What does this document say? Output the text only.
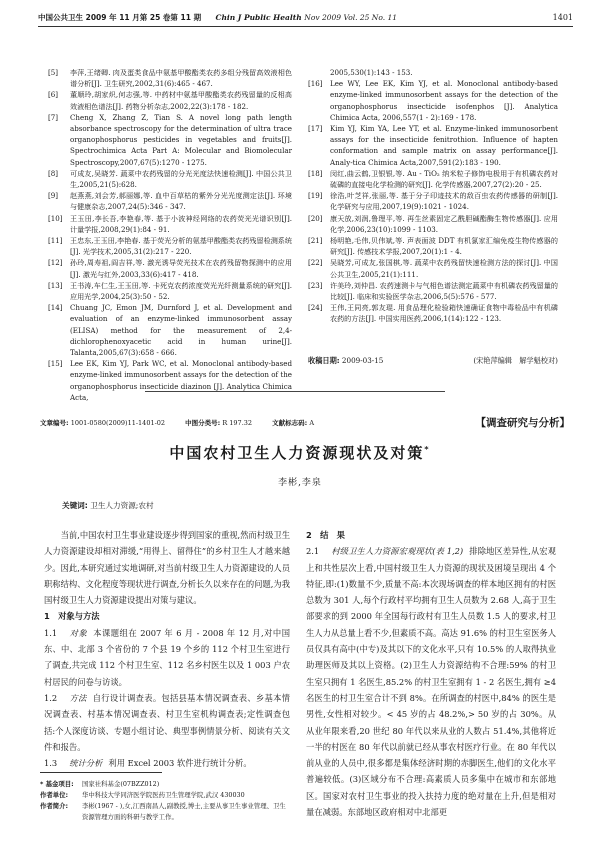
中国公共卫生 2009 年 11 月第 25 卷第 11 期 Chin J Public Health Nov 2009 Vol. 25 No. 11	1401

[5] 李萍,王绪卿. 肉及蛋类食品中氨基甲酸酯类农药多组分残留高效液相色谱分析[J]. 卫生研究,2002,31(6):465 - 467.

[6] 董顺玲,胡家炽,何志强,等. 中药材中氨基甲酸酯类农药残留量的反相高效液相色谱法[J]. 药物分析杂志,2002,22(3):178 - 182.

[7] Cheng X, Zhang Z, Tian S. A novel long path length absorbance spectroscopy for the determination of ultra trace organophosphorus pesticides in vegetables and fruits[J]. Spectrochimica Acta Part A: Molecular and Biomolecular Spectroscopy,2007,67(5):1270 - 1275.

[8] 可成友,吴晓芳. 蔬菜中农药残留的分光光度法快速检测[J]. 中国公共卫生,2005,21(5):628.

[9] 赵燕燕,刘会芳,郝丽娜,等. 血中百草枯的紫外分光光度测定法[J]. 环境与健康杂志,2007,24(5):346 - 347.

[10] 王玉田,李长吾,李艳春,等. 基于小波神经网络的农药荧光光谱识别[J]. 计量学报,2008,29(1):84 - 91.

[11] 王忠东,王玉田,李艳春. 基于荧光分析的氨基甲酸酯类农药残留检测系统[J]. 光学技术,2005,31(2):217 - 220.

[12] 孙玲,周寿祖,阎吉祥,等. 激光诱导荧光技术在农药残留物探测中的应用[J]. 激光与红外,2003,33(6):417 - 418.

[13] 王书涛,车仁生,王玉田,等. 卡死克农药浓度荧光光纤测量系统的研究[J]. 应用光学,2004,25(3):50 - 52.

[14] Chuang JC, Emon JM, Durnford J, et al. Development and evaluation of an enzyme-linked immunosorbent assay (ELISA) method for the measurement of 2,4-dichlorophenoxyacetic acid in human urine[J]. Talanta,2005,67(3):658 - 666.

[15] Lee EK, Kim YJ, Park WC, et al. Monoclonal antibody-based enzyme-linked immunosorbent assays for the detection of the organophosphorus insecticide diazinon [J]. Analytica Chimica Acta,

2005,530(1):143 - 153.

[16] Lee WY, Lee EK, Kim YJ, et al. Monoclonal antibody-based enzyme-linked immunosorbent assays for the detection of the organophosphorus insecticide isofenphos [J]. Analytica Chimica Acta, 2006,557(1 - 2):169 - 178.

[17] Kim YJ, Kim YA, Lee YT, et al. Enzyme-linked immunosorbent assays for the insecticide fenitrothion. Influence of hapten conformation and sample matrix on assay performance[J]. Analy-tica Chimica Acta,2007,591(2):183 - 190.

[18] 闵红,曲云鹤,卫银银,等. Au - TiO₂ 纳米粒子修饰电极用于有机磷农药对硫磷的直接电化学检测的研究[J]. 化学传感器,2007,27(2):20 - 25.

[19] 徐浩,叶芝祥,张丽,等. 基于分子印迹技术的敌百虫农药传感器的研制[J]. 化学研究与应用,2007,19(9):1021 - 1024.

[20] 康天放,刘润,鲁理平,等. 再生丝素固定乙酰胆碱酯酶生物传感器[J]. 应用化学,2006,23(10):1099 - 1103.

[21] 杨明艳,毛伟,贝伟斌,等. 声表面波 DDT 有机氯家汇编免疫生物传感器的研究[J]. 传感技术学报,2007,20(1):1 - 4.

[22] 吴晓芳,可成友,张国棋,等. 蔬菜中农药残留快速检测方法的探讨[J]. 中国公共卫生,2005,21(1):111.

[23] 许美玲,刘仲昌. 农药速测卡与气相色谱法测定蔬菜中有机磷农药残留量的比较[J]. 临床和实验医学杂志,2006,5(5):576 - 577.

[24] 王伟,王同亮,郭友琨. 用食品理化检验箱快速确证食物中毒检品中有机磷农药的方法[J]. 中国实用医药,2006,1(14):122 - 123.

收稿日期: 2009-03-15	(宋艳萍编辑　解学魁校对)
文章编号: 1001-0580(2009)11-1401-02	中图分类号: R 197.32	文献标志码: A	【调查研究与分析】
中国农村卫生人力资源现状及对策*
李彬,李泉
关键词: 卫生人力资源;农村

当前,中国农村卫生事业建设逐步得到国家的重视,然而村级卫生人力资源建设却相对滞缓,“用得上、留得住”的乡村卫生人才越来越少。因此,本研究通过实地调研,对当前村级卫生人力资源建设的人员职称结构、文化程度等现状进行调查,分析长久以来存在的问题,为我国村级卫生人力资源建设提出对策与建议。

1　对象与方法

1.1 对象 本课题组在 2007 年 6 月 - 2008 年 12 月,对中国东、中、北部 3 个省份的 7 个县 19 个乡的 112 个村卫生室进行了调查,共完成 112 个村卫生室、112 名乡村医生以及 1 003 户农村居民的问卷与访谈。

1.2 方法 自行设计调查表。包括县基本情况调查表、乡基本情况调查表、村基本情况调查表、村卫生室机构调查表;定性调查包括:个人深度访谈、专题小组讨论、典型事例情景分析、阅读有关文件和报告。

1.3 统计分析 利用 Excel 2003 软件进行统计分析。

2　结　果

2.1 村级卫生人力资源宏观现状(表 1,2) 排除地区差异性,从宏观上和共性层次上看,中国村级卫生人力资源的现状及困境呈现出 4 个特征,即:(1)数量不少,质量不高:本次现场调查的样本地区拥有的村医总数为 301 人,每个行政村平均拥有卫生人员数为 2.68 人,高于卫生部要求的到 2000 年全国每行政村有卫生人员数 1.5 人的要求,村卫生人力从总量上看不少,但素质不高。高达 91.6% 的村卫生室医务人员仅具有高中(中专)及其以下的文化水平,只有 10.5% 的人取得执业助理医师及其以上资格。(2)卫生人力资源结构不合理:59% 的村卫生室只拥有 1 名医生,85.2% 的村卫生室拥有 1 - 2 名医生,拥有 ≥4 名医生的村卫生室合计不到 8%。在所调查的村医中,84% 的医生是男性,女性相对较少。< 45 岁的占 48.2%,> 50 岁的占 30%。从从业年限来看,20 世纪 80 年代以来从业的人数占 51.4%,其他将近一半的村医在 80 年代以前就已经从事农村医疗行业。在 80 年代以前从业的人员中,很多都是集体经济时期的赤脚医生,他们的文化水平普遍较低。(3)区域分布不合理:高素质人员多集中在城市和东部地区。国家对农村卫生事业的投入扶持力度的绝对量在上升,但是相对量在减弱。东部地区政府相对中北部更

* 基金项目: 国家社科基金(07BZZ012)
作者单位: 华中科技大学同济医学院医药卫生管理学院,武汉 430030
作者简介: 李彬(1967 - ),女,江西南昌人,副教授,博士,主要从事卫生事业管理、卫生资源管理方面的科研与教学工作。
